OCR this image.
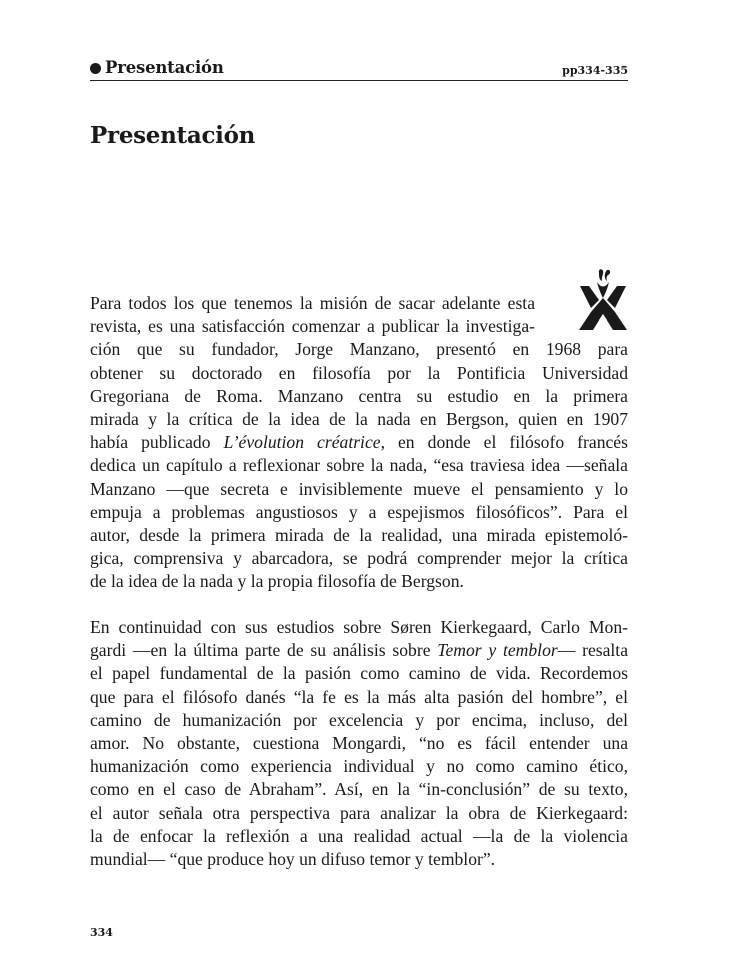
Presentación	pp334-335
Presentación
Para todos los que tenemos la misión de sacar adelante esta
revista, es una satisfacción comenzar a publicar la investiga-
ción que su fundador, Jorge Manzano, presentó en 1968 para
obtener su doctorado en filosofía por la Pontificia Universidad
Gregoriana de Roma. Manzano centra su estudio en la primera
mirada y la crítica de la idea de la nada en Bergson, quien en 1907
había publicado L’évolution créatrice, en donde el filósofo francés
dedica un capítulo a reflexionar sobre la nada, “esa traviesa idea —señala
Manzano —que secreta e invisiblemente mueve el pensamiento y lo
empuja a problemas angustiosos y a espejismos filosóficos”. Para el
autor, desde la primera mirada de la realidad, una mirada epistemoló-
gica, comprensiva y abarcadora, se podrá comprender mejor la crítica
de la idea de la nada y la propia filosofía de Bergson.
En continuidad con sus estudios sobre Søren Kierkegaard, Carlo Mon-
gardi —en la última parte de su análisis sobre Temor y temblor— resalta
el papel fundamental de la pasión como camino de vida. Recordemos
que para el filósofo danés “la fe es la más alta pasión del hombre”, el
camino de humanización por excelencia y por encima, incluso, del
amor. No obstante, cuestiona Mongardi, “no es fácil entender una
humanización como experiencia individual y no como camino ético,
como en el caso de Abraham”. Así, en la “in-conclusión” de su texto,
el autor señala otra perspectiva para analizar la obra de Kierkegaard:
la de enfocar la reflexión a una realidad actual —la de la violencia
mundial— “que produce hoy un difuso temor y temblor”.
334
